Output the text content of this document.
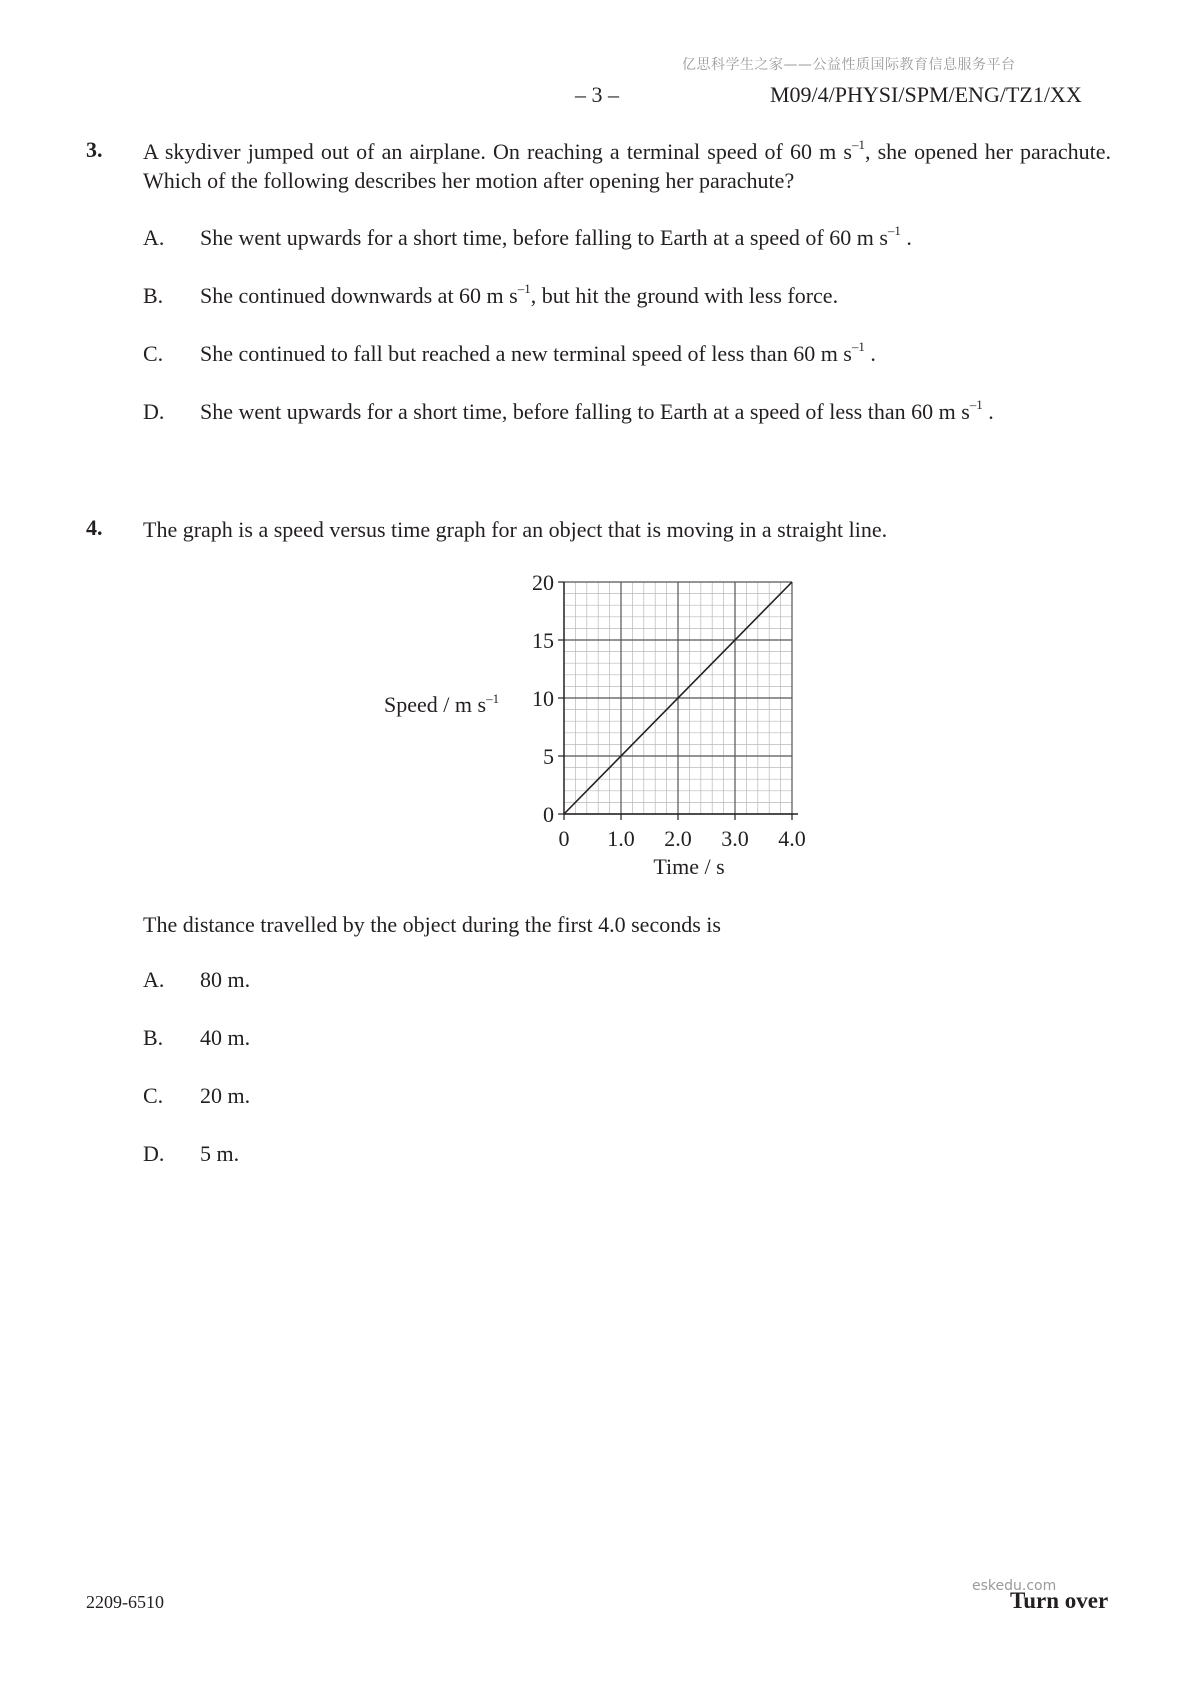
亿思科学生之家——公益性质国际教育信息服务平台
– 3 –	M09/4/PHYSI/SPM/ENG/TZ1/XX
3. A skydiver jumped out of an airplane. On reaching a terminal speed of 60 m $s^{-1}$, she opened her parachute. Which of the following describes her motion after opening her parachute?
A. She went upwards for a short time, before falling to Earth at a speed of 60 m $s^{-1}$ .
B. She continued downwards at 60 m $s^{-1}$, but hit the ground with less force.
C. She continued to fall but reached a new terminal speed of less than 60 m $s^{-1}$ .
D. She went upwards for a short time, before falling to Earth at a speed of less than 60 m $s^{-1}$ .
4. The graph is a speed versus time graph for an object that is moving in a straight line.
0
5
10
15
20
0 1.0 2.0 3.0 4.0
Speed / m $s^{-1}$
Time / s
The distance travelled by the object during the first 4.0 seconds is
A. 80 m.
B. 40 m.
C. 20 m.
D. 5 m.
2209-6510
eskedu.com
Turn over
